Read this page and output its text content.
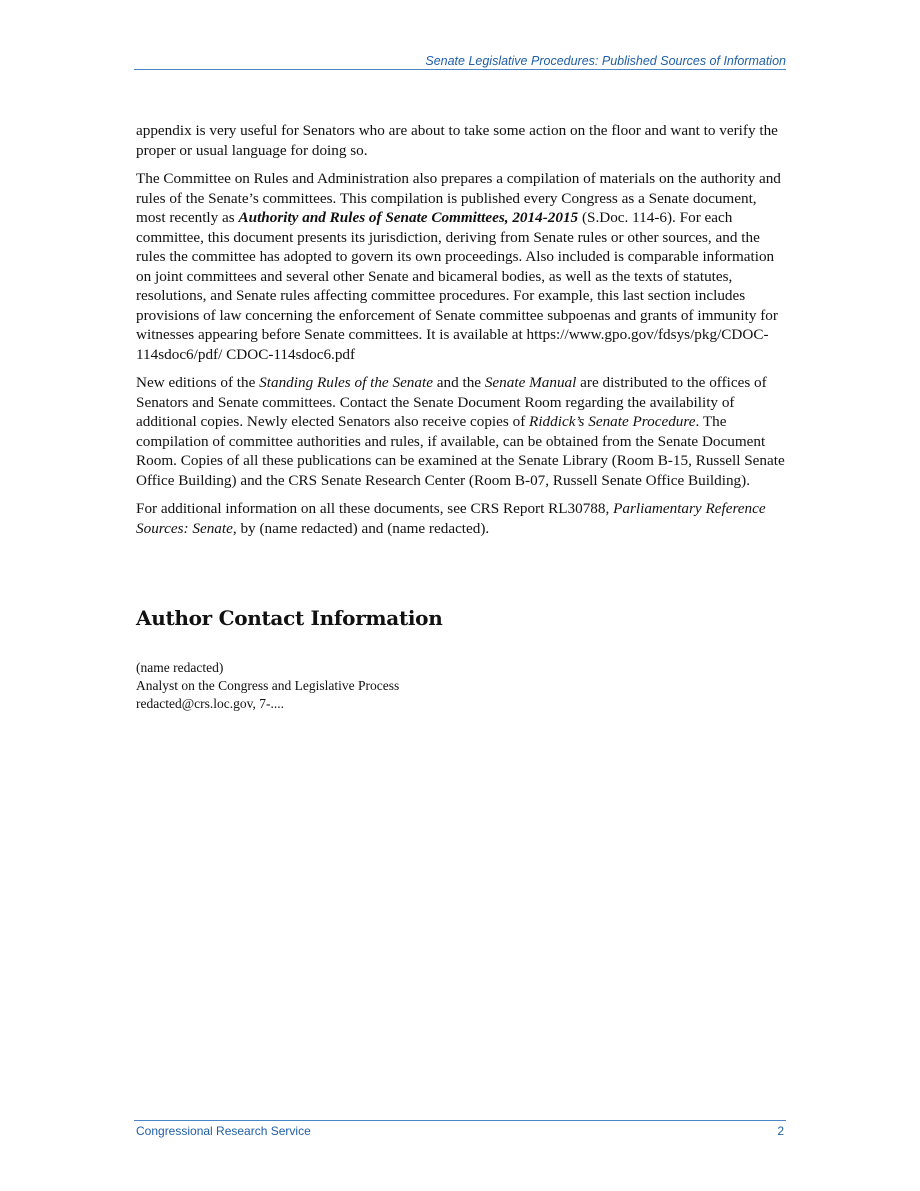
Senate Legislative Procedures: Published Sources of Information

appendix is very useful for Senators who are about to take some action on the floor and want to verify the proper or usual language for doing so.

The Committee on Rules and Administration also prepares a compilation of materials on the authority and rules of the Senate’s committees. This compilation is published every Congress as a Senate document, most recently as Authority and Rules of Senate Committees, 2014-2015 (S.Doc. 114-6). For each committee, this document presents its jurisdiction, deriving from Senate rules or other sources, and the rules the committee has adopted to govern its own proceedings. Also included is comparable information on joint committees and several other Senate and bicameral bodies, as well as the texts of statutes, resolutions, and Senate rules affecting committee procedures. For example, this last section includes provisions of law concerning the enforcement of Senate committee subpoenas and grants of immunity for witnesses appearing before Senate committees. It is available at https://www.gpo.gov/fdsys/pkg/CDOC-114sdoc6/pdf/ CDOC-114sdoc6.pdf

New editions of the Standing Rules of the Senate and the Senate Manual are distributed to the offices of Senators and Senate committees. Contact the Senate Document Room regarding the availability of additional copies. Newly elected Senators also receive copies of Riddick’s Senate Procedure. The compilation of committee authorities and rules, if available, can be obtained from the Senate Document Room. Copies of all these publications can be examined at the Senate Library (Room B-15, Russell Senate Office Building) and the CRS Senate Research Center (Room B-07, Russell Senate Office Building).

For additional information on all these documents, see CRS Report RL30788, Parliamentary Reference Sources: Senate, by (name redacted) and (name redacted).

Author Contact Information
(name redacted)
Analyst on the Congress and Legislative Process
redacted@crs.loc.gov, 7-....
Congressional Research Service	2
